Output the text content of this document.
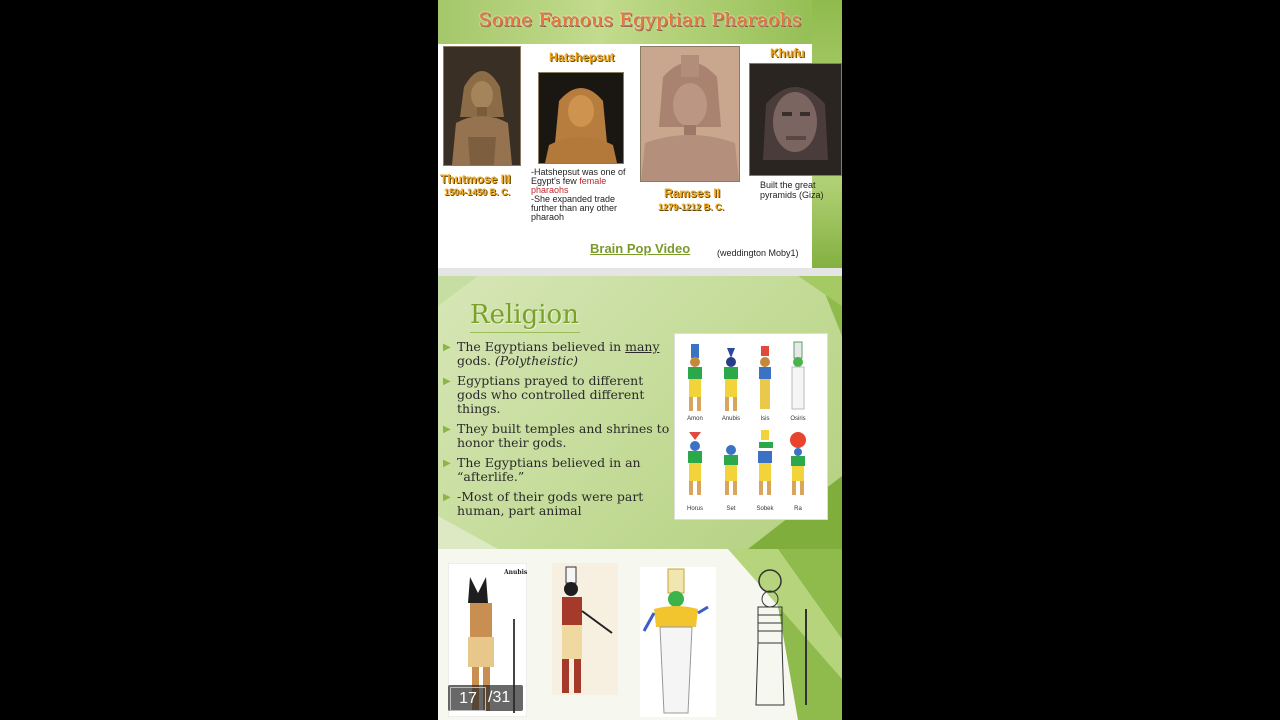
Some Famous Egyptian Pharaohs
Thutmose III
1504-1450 B. C.
Hatshepsut
-Hatshepsut was one of Egypt's few female pharaohs
-She expanded trade further than any other pharaoh
Ramses II
1279-1212 B. C.
Khufu
Built the great pyramids (Giza)
Brain Pop Video	(weddington Moby1)
Religion
▶ The Egyptians believed in many gods. (Polytheistic)
▶ Egyptians prayed to different gods who controlled different things.
▶ They built temples and shrines to honor their gods.
▶ The Egyptians believed in an “afterlife.”
▶ -Most of their gods were part human, part animal
Amon	Anubis	Isis	Osiris
Horus	Set	Sobek	Ra
Anubis
17 /31
